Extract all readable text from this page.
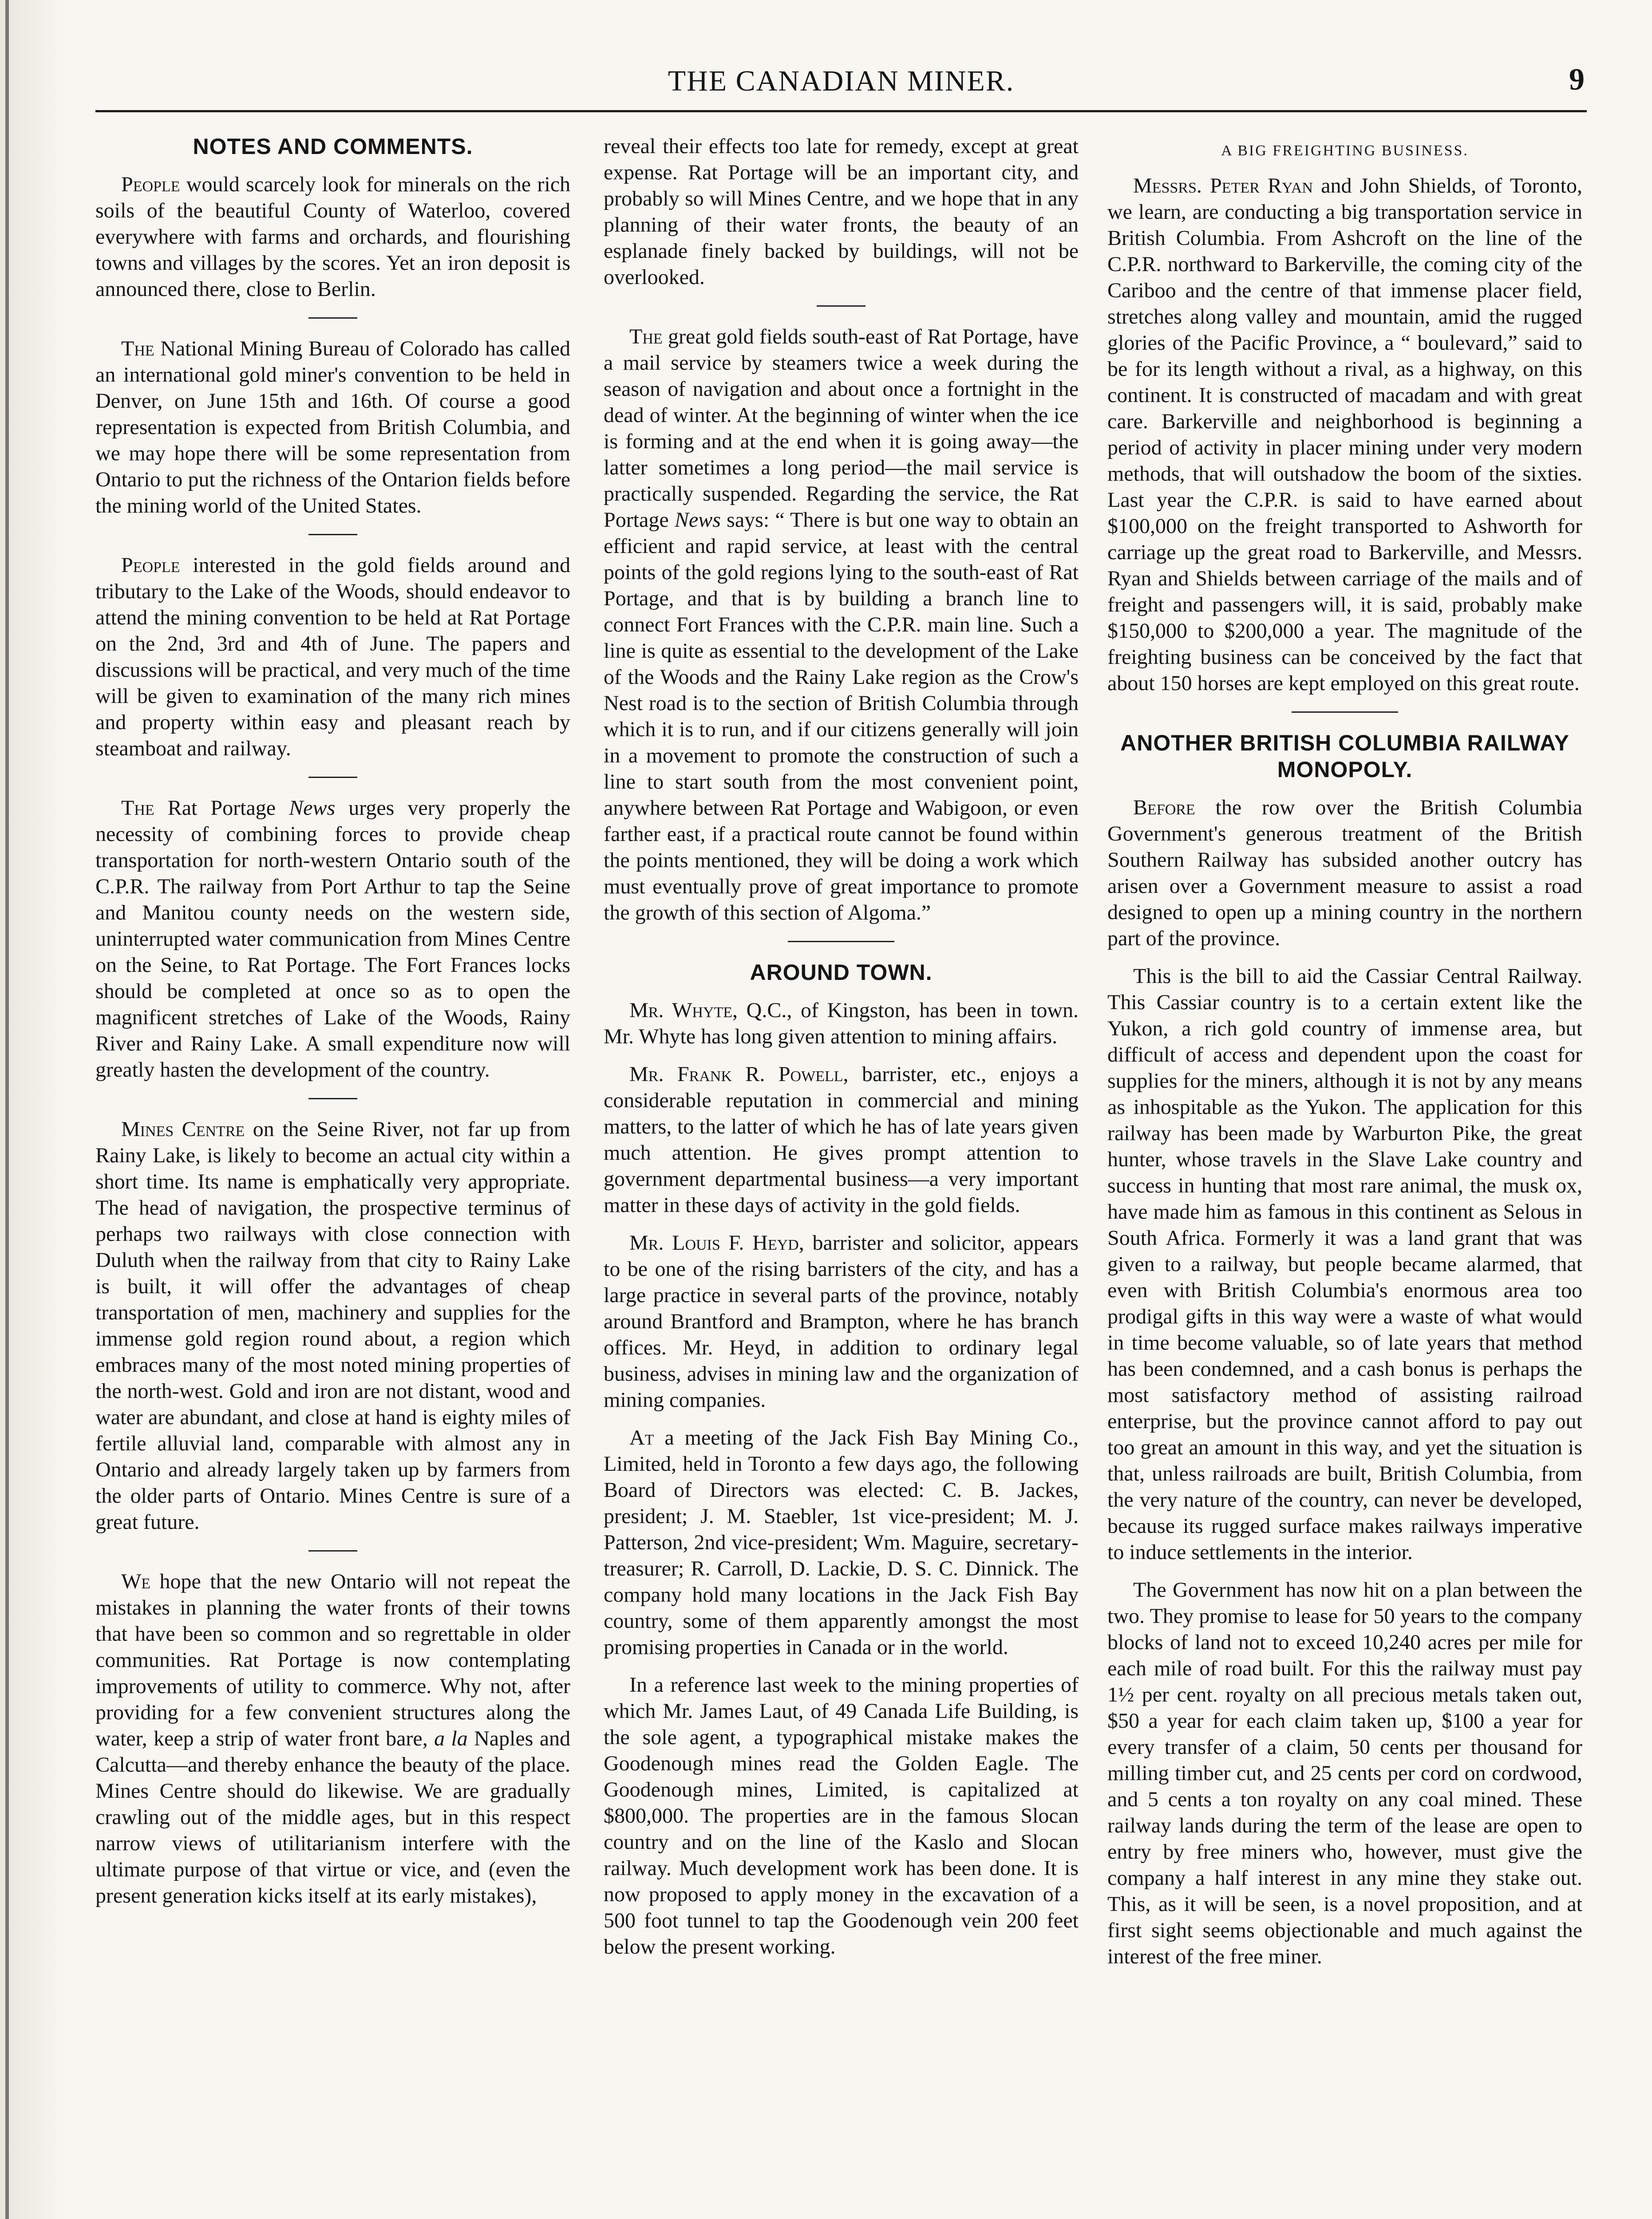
THE CANADIAN MINER.	9
NOTES AND COMMENTS.

People would scarcely look for minerals on the rich soils of the beautiful County of Waterloo, covered everywhere with farms and orchards, and flourishing towns and villages by the scores. Yet an iron deposit is announced there, close to Berlin.

The National Mining Bureau of Colorado has called an international gold miner's convention to be held in Denver, on June 15th and 16th. Of course a good representation is expected from British Columbia, and we may hope there will be some representation from Ontario to put the richness of the Ontarion fields before the mining world of the United States.

People interested in the gold fields around and tributary to the Lake of the Woods, should endeavor to attend the mining convention to be held at Rat Portage on the 2nd, 3rd and 4th of June. The papers and discussions will be practical, and very much of the time will be given to examination of the many rich mines and property within easy and pleasant reach by steamboat and railway.

The Rat Portage News urges very properly the necessity of combining forces to provide cheap transportation for north-western Ontario south of the C.P.R. The railway from Port Arthur to tap the Seine and Manitou county needs on the western side, uninterrupted water communication from Mines Centre on the Seine, to Rat Portage. The Fort Frances locks should be completed at once so as to open the magnificent stretches of Lake of the Woods, Rainy River and Rainy Lake. A small expenditure now will greatly hasten the development of the country.

Mines Centre on the Seine River, not far up from Rainy Lake, is likely to become an actual city within a short time. Its name is emphatically very appropriate. The head of navigation, the prospective terminus of perhaps two railways with close connection with Duluth when the railway from that city to Rainy Lake is built, it will offer the advantages of cheap transportation of men, machinery and supplies for the immense gold region round about, a region which embraces many of the most noted mining properties of the north-west. Gold and iron are not distant, wood and water are abundant, and close at hand is eighty miles of fertile alluvial land, comparable with almost any in Ontario and already largely taken up by farmers from the older parts of Ontario. Mines Centre is sure of a great future.

We hope that the new Ontario will not repeat the mistakes in planning the water fronts of their towns that have been so common and so regrettable in older communities. Rat Portage is now contemplating improvements of utility to commerce. Why not, after providing for a few convenient structures along the water, keep a strip of water front bare, a la Naples and Calcutta—and thereby enhance the beauty of the place. Mines Centre should do likewise. We are gradually crawling out of the middle ages, but in this respect narrow views of utilitarianism interfere with the ultimate purpose of that virtue or vice, and (even the present generation kicks itself at its early mistakes),

reveal their effects too late for remedy, except at great expense. Rat Portage will be an important city, and probably so will Mines Centre, and we hope that in any planning of their water fronts, the beauty of an esplanade finely backed by buildings, will not be overlooked.

The great gold fields south-east of Rat Portage, have a mail service by steamers twice a week during the season of navigation and about once a fortnight in the dead of winter. At the beginning of winter when the ice is forming and at the end when it is going away—the latter sometimes a long period—the mail service is practically suspended. Regarding the service, the Rat Portage News says: “ There is but one way to obtain an efficient and rapid service, at least with the central points of the gold regions lying to the south-east of Rat Portage, and that is by building a branch line to connect Fort Frances with the C.P.R. main line. Such a line is quite as essential to the development of the Lake of the Woods and the Rainy Lake region as the Crow's Nest road is to the section of British Columbia through which it is to run, and if our citizens generally will join in a movement to promote the construction of such a line to start south from the most convenient point, anywhere between Rat Portage and Wabigoon, or even farther east, if a practical route cannot be found within the points mentioned, they will be doing a work which must eventually prove of great importance to promote the growth of this section of Algoma.”

AROUND TOWN.

Mr. Whyte, Q.C., of Kingston, has been in town. Mr. Whyte has long given attention to mining affairs.

Mr. Frank R. Powell, barrister, etc., enjoys a considerable reputation in commercial and mining matters, to the latter of which he has of late years given much attention. He gives prompt attention to government departmental business—a very important matter in these days of activity in the gold fields.

Mr. Louis F. Heyd, barrister and solicitor, appears to be one of the rising barristers of the city, and has a large practice in several parts of the province, notably around Brantford and Brampton, where he has branch offices. Mr. Heyd, in addition to ordinary legal business, advises in mining law and the organization of mining companies.

At a meeting of the Jack Fish Bay Mining Co., Limited, held in Toronto a few days ago, the following Board of Directors was elected: C. B. Jackes, president; J. M. Staebler, 1st vice-president; M. J. Patterson, 2nd vice-president; Wm. Maguire, secretary-treasurer; R. Carroll, D. Lackie, D. S. C. Dinnick. The company hold many locations in the Jack Fish Bay country, some of them apparently amongst the most promising properties in Canada or in the world.

In a reference last week to the mining properties of which Mr. James Laut, of 49 Canada Life Building, is the sole agent, a typographical mistake makes the Goodenough mines read the Golden Eagle. The Goodenough mines, Limited, is capitalized at $800,000. The properties are in the famous Slocan country and on the line of the Kaslo and Slocan railway. Much development work has been done. It is now proposed to apply money in the excavation of a 500 foot tunnel to tap the Goodenough vein 200 feet below the present working.

A BIG FREIGHTING BUSINESS.

Messrs. Peter Ryan and John Shields, of Toronto, we learn, are conducting a big transportation service in British Columbia. From Ashcroft on the line of the C.P.R. northward to Barkerville, the coming city of the Cariboo and the centre of that immense placer field, stretches along valley and mountain, amid the rugged glories of the Pacific Province, a “ boulevard,” said to be for its length without a rival, as a highway, on this continent. It is constructed of macadam and with great care. Barkerville and neighborhood is beginning a period of activity in placer mining under very modern methods, that will outshadow the boom of the sixties. Last year the C.P.R. is said to have earned about $100,000 on the freight transported to Ashworth for carriage up the great road to Barkerville, and Messrs. Ryan and Shields between carriage of the mails and of freight and passengers will, it is said, probably make $150,000 to $200,000 a year. The magnitude of the freighting business can be conceived by the fact that about 150 horses are kept employed on this great route.

ANOTHER BRITISH COLUMBIA RAILWAY MONOPOLY.

Before the row over the British Columbia Government's generous treatment of the British Southern Railway has subsided another outcry has arisen over a Government measure to assist a road designed to open up a mining country in the northern part of the province.

This is the bill to aid the Cassiar Central Railway. This Cassiar country is to a certain extent like the Yukon, a rich gold country of immense area, but difficult of access and dependent upon the coast for supplies for the miners, although it is not by any means as inhospitable as the Yukon. The application for this railway has been made by Warburton Pike, the great hunter, whose travels in the Slave Lake country and success in hunting that most rare animal, the musk ox, have made him as famous in this continent as Selous in South Africa. Formerly it was a land grant that was given to a railway, but people became alarmed, that even with British Columbia's enormous area too prodigal gifts in this way were a waste of what would in time become valuable, so of late years that method has been condemned, and a cash bonus is perhaps the most satisfactory method of assisting railroad enterprise, but the province cannot afford to pay out too great an amount in this way, and yet the situation is that, unless railroads are built, British Columbia, from the very nature of the country, can never be developed, because its rugged surface makes railways imperative to induce settlements in the interior.

The Government has now hit on a plan between the two. They promise to lease for 50 years to the company blocks of land not to exceed 10,240 acres per mile for each mile of road built. For this the railway must pay 1½ per cent. royalty on all precious metals taken out, $50 a year for each claim taken up, $100 a year for every transfer of a claim, 50 cents per thousand for milling timber cut, and 25 cents per cord on cordwood, and 5 cents a ton royalty on any coal mined. These railway lands during the term of the lease are open to entry by free miners who, however, must give the company a half interest in any mine they stake out. This, as it will be seen, is a novel proposition, and at first sight seems objectionable and much against the interest of the free miner.
